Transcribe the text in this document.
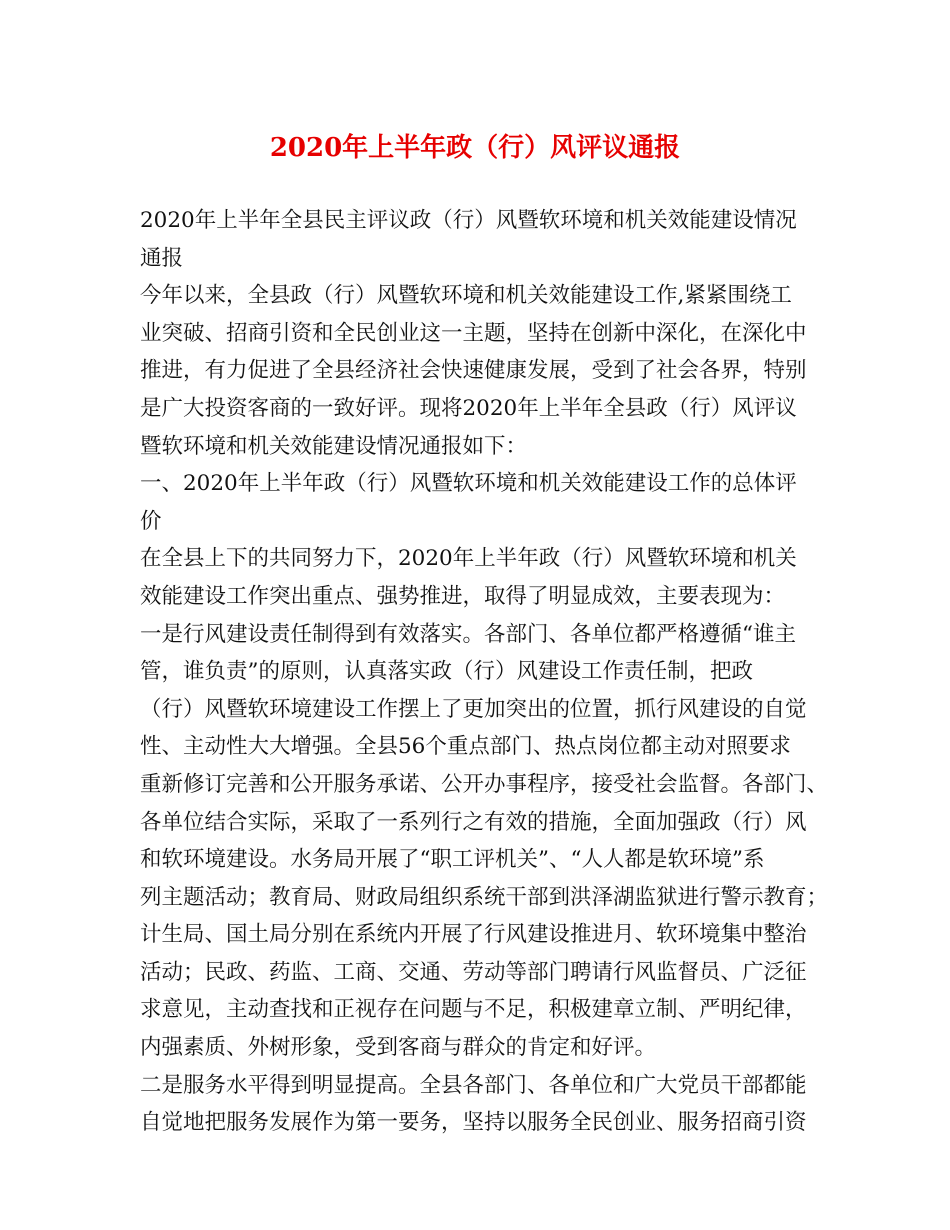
2020年上半年政（行）风评议通报
2020年上半年全县民主评议政（行）风暨软环境和机关效能建设情况
通报
今年以来，全县政（行）风暨软环境和机关效能建设工作,紧紧围绕工
业突破、招商引资和全民创业这一主题，坚持在创新中深化，在深化中
推进，有力促进了全县经济社会快速健康发展，受到了社会各界，特别
是广大投资客商的一致好评。现将2020年上半年全县政（行）风评议
暨软环境和机关效能建设情况通报如下：
一、2020年上半年政（行）风暨软环境和机关效能建设工作的总体评
价
在全县上下的共同努力下，2020年上半年政（行）风暨软环境和机关
效能建设工作突出重点、强势推进，取得了明显成效，主要表现为：
一是行风建设责任制得到有效落实。各部门、各单位都严格遵循“谁主
管，谁负责”的原则，认真落实政（行）风建设工作责任制，把政
（行）风暨软环境建设工作摆上了更加突出的位置，抓行风建设的自觉
性、主动性大大增强。全县56个重点部门、热点岗位都主动对照要求
重新修订完善和公开服务承诺、公开办事程序，接受社会监督。各部门、
各单位结合实际，采取了一系列行之有效的措施，全面加强政（行）风
和软环境建设。水务局开展了“职工评机关”、“人人都是软环境”系
列主题活动；教育局、财政局组织系统干部到洪泽湖监狱进行警示教育；
计生局、国土局分别在系统内开展了行风建设推进月、软环境集中整治
活动；民政、药监、工商、交通、劳动等部门聘请行风监督员、广泛征
求意见，主动查找和正视存在问题与不足，积极建章立制、严明纪律，
内强素质、外树形象，受到客商与群众的肯定和好评。
二是服务水平得到明显提高。全县各部门、各单位和广大党员干部都能
自觉地把服务发展作为第一要务，坚持以服务全民创业、服务招商引资
